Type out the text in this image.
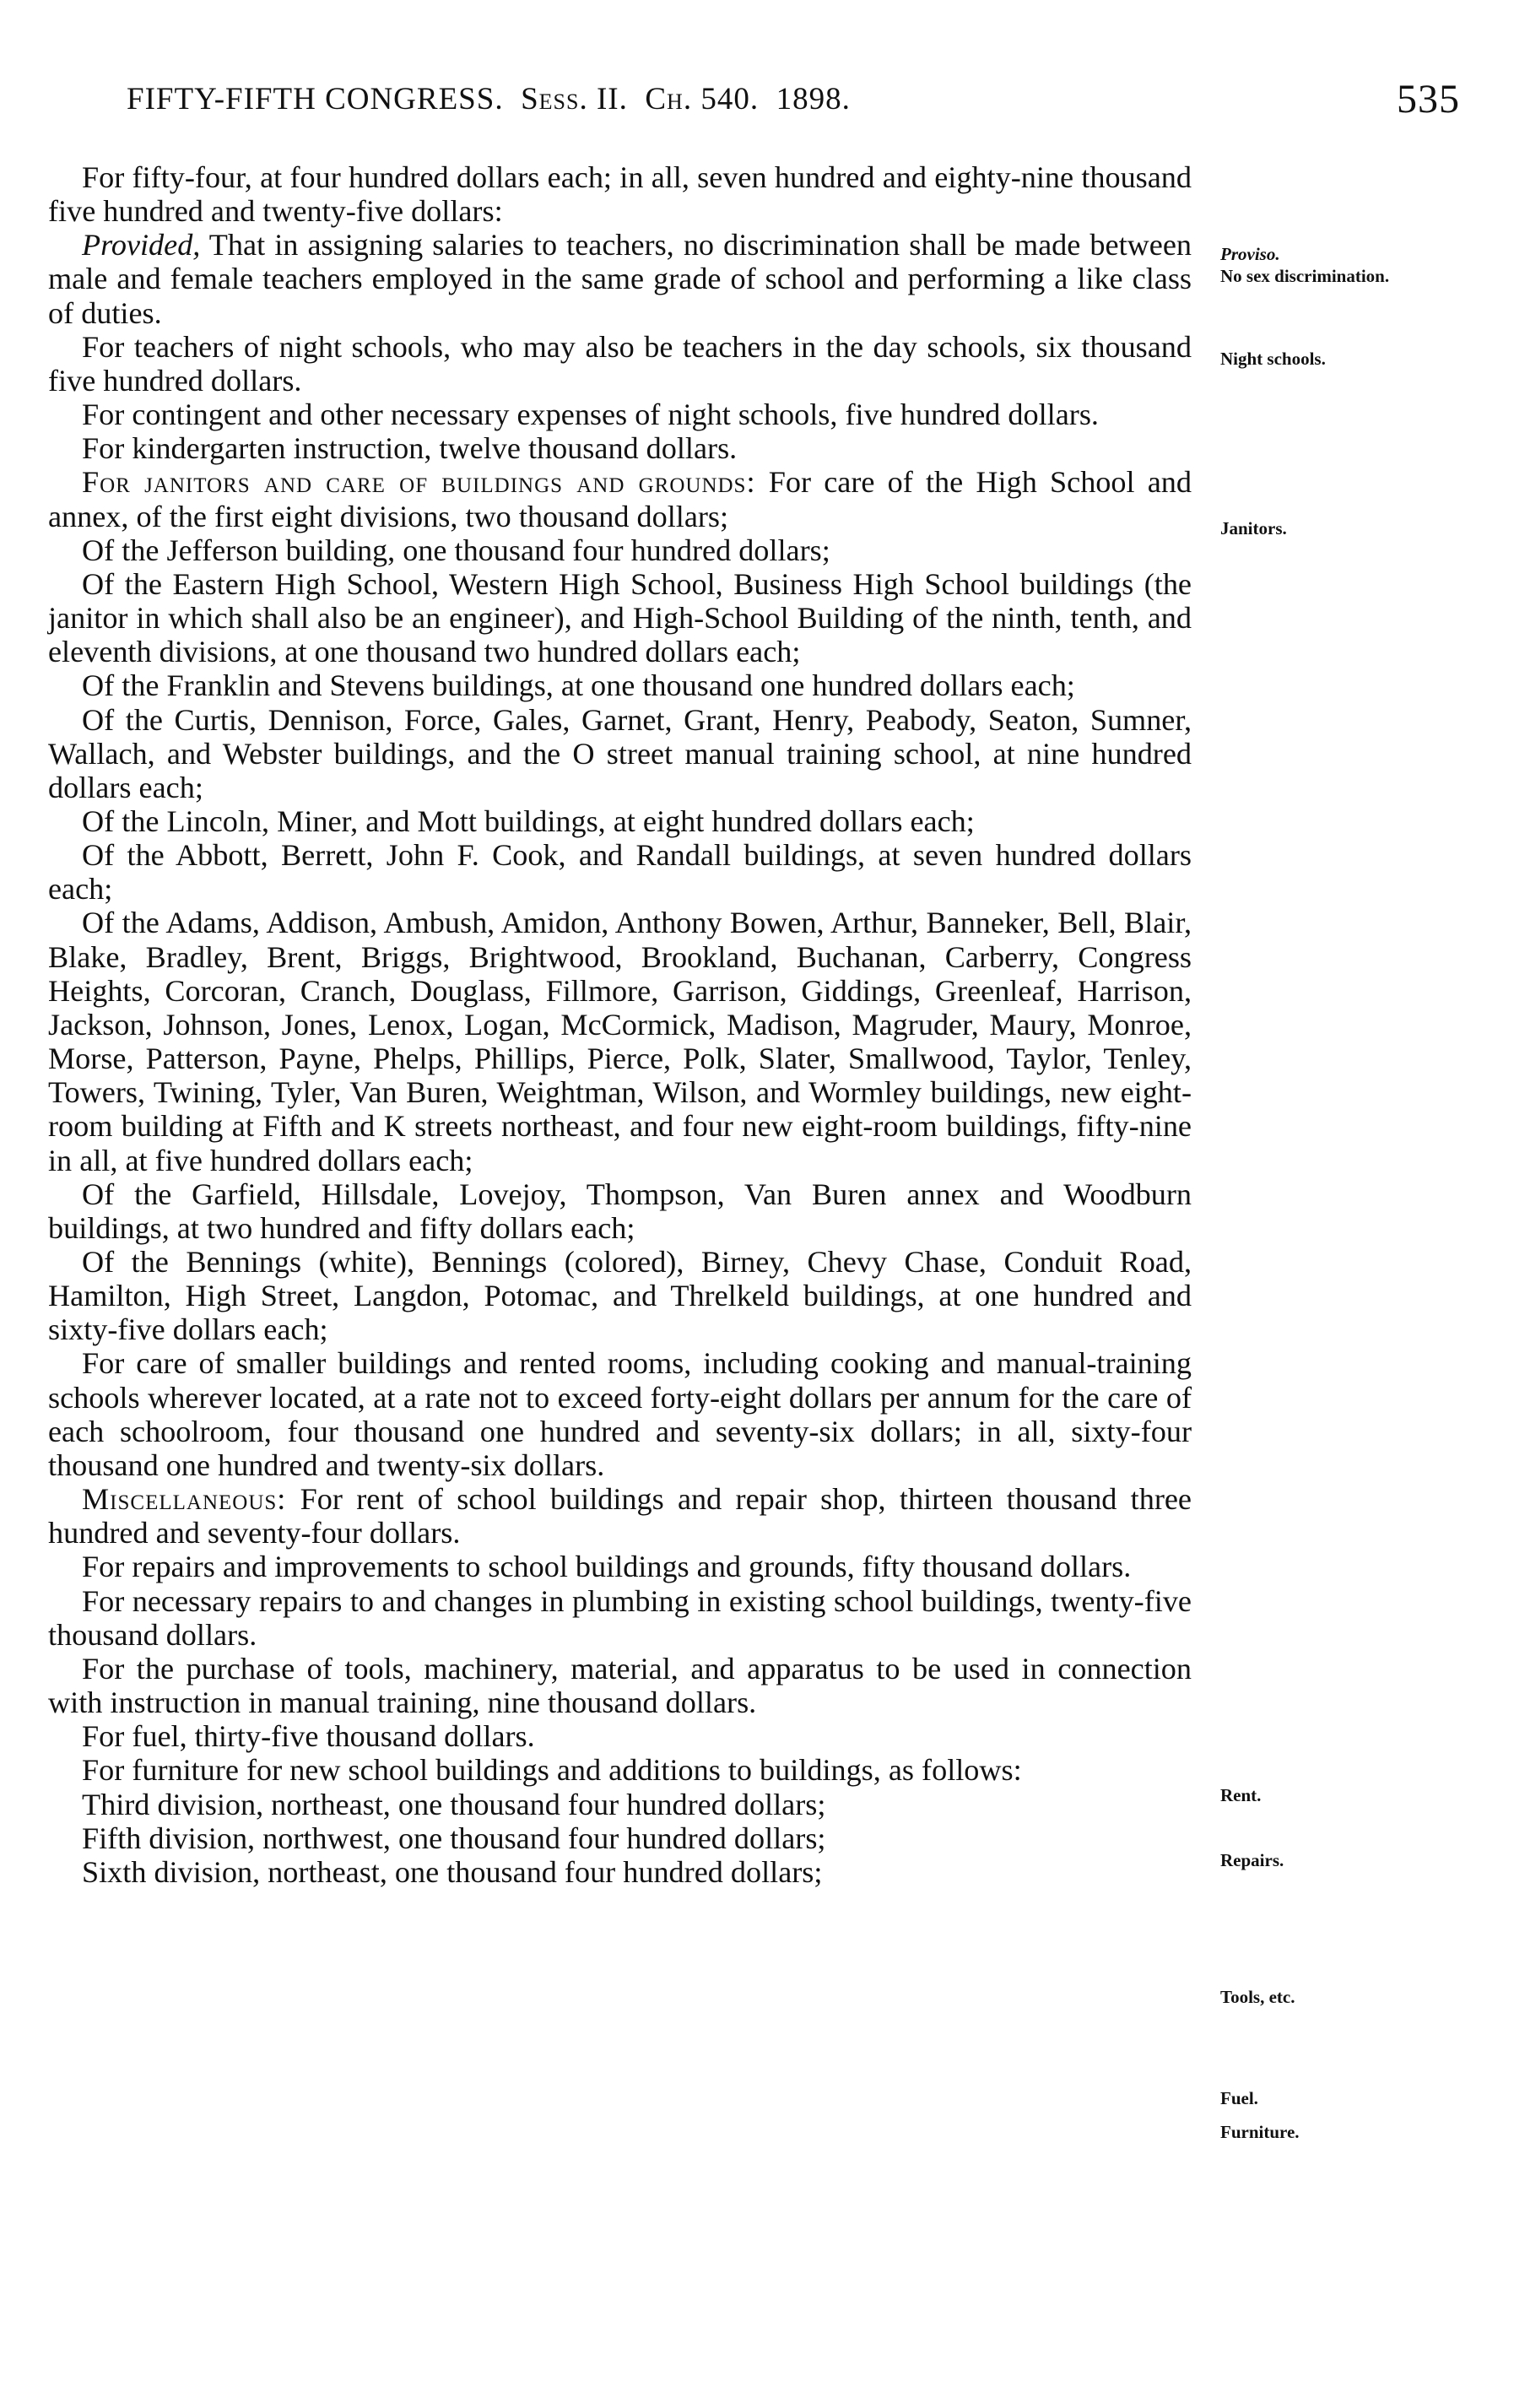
FIFTY-FIFTH CONGRESS. Sess. II. Ch. 540. 1898.	535

For fifty-four, at four hundred dollars each; in all, seven hundred and eighty-nine thousand five hundred and twenty-five dollars:

Provided, That in assigning salaries to teachers, no discrimination shall be made between male and female teachers employed in the same grade of school and performing a like class of duties.

For teachers of night schools, who may also be teachers in the day schools, six thousand five hundred dollars.

For contingent and other necessary expenses of night schools, five hundred dollars.

For kindergarten instruction, twelve thousand dollars.

For janitors and care of buildings and grounds: For care of the High School and annex, of the first eight divisions, two thousand dollars;

Of the Jefferson building, one thousand four hundred dollars;

Of the Eastern High School, Western High School, Business High School buildings (the janitor in which shall also be an engineer), and High-School Building of the ninth, tenth, and eleventh divisions, at one thousand two hundred dollars each;

Of the Franklin and Stevens buildings, at one thousand one hundred dollars each;

Of the Curtis, Dennison, Force, Gales, Garnet, Grant, Henry, Peabody, Seaton, Sumner, Wallach, and Webster buildings, and the O street manual training school, at nine hundred dollars each;

Of the Lincoln, Miner, and Mott buildings, at eight hundred dollars each;

Of the Abbott, Berrett, John F. Cook, and Randall buildings, at seven hundred dollars each;

Of the Adams, Addison, Ambush, Amidon, Anthony Bowen, Arthur, Banneker, Bell, Blair, Blake, Bradley, Brent, Briggs, Brightwood, Brookland, Buchanan, Carberry, Congress Heights, Corcoran, Cranch, Douglass, Fillmore, Garrison, Giddings, Greenleaf, Harrison, Jackson, Johnson, Jones, Lenox, Logan, McCormick, Madison, Magruder, Maury, Monroe, Morse, Patterson, Payne, Phelps, Phillips, Pierce, Polk, Slater, Smallwood, Taylor, Tenley, Towers, Twining, Tyler, Van Buren, Weightman, Wilson, and Wormley buildings, new eight-room building at Fifth and K streets northeast, and four new eight-room buildings, fifty-nine in all, at five hundred dollars each;

Of the Garfield, Hillsdale, Lovejoy, Thompson, Van Buren annex and Woodburn buildings, at two hundred and fifty dollars each;

Of the Bennings (white), Bennings (colored), Birney, Chevy Chase, Conduit Road, Hamilton, High Street, Langdon, Potomac, and Threlkeld buildings, at one hundred and sixty-five dollars each;

For care of smaller buildings and rented rooms, including cooking and manual-training schools wherever located, at a rate not to exceed forty-eight dollars per annum for the care of each schoolroom, four thousand one hundred and seventy-six dollars; in all, sixty-four thousand one hundred and twenty-six dollars.

Miscellaneous: For rent of school buildings and repair shop, thirteen thousand three hundred and seventy-four dollars.

For repairs and improvements to school buildings and grounds, fifty thousand dollars.

For necessary repairs to and changes in plumbing in existing school buildings, twenty-five thousand dollars.

For the purchase of tools, machinery, material, and apparatus to be used in connection with instruction in manual training, nine thousand dollars.

For fuel, thirty-five thousand dollars.

For furniture for new school buildings and additions to buildings, as follows:

Third division, northeast, one thousand four hundred dollars;

Fifth division, northwest, one thousand four hundred dollars;

Sixth division, northeast, one thousand four hundred dollars;

Proviso.
No sex discrimination.
Night schools.
Janitors.
Rent.
Repairs.
Tools, etc.
Fuel.
Furniture.
